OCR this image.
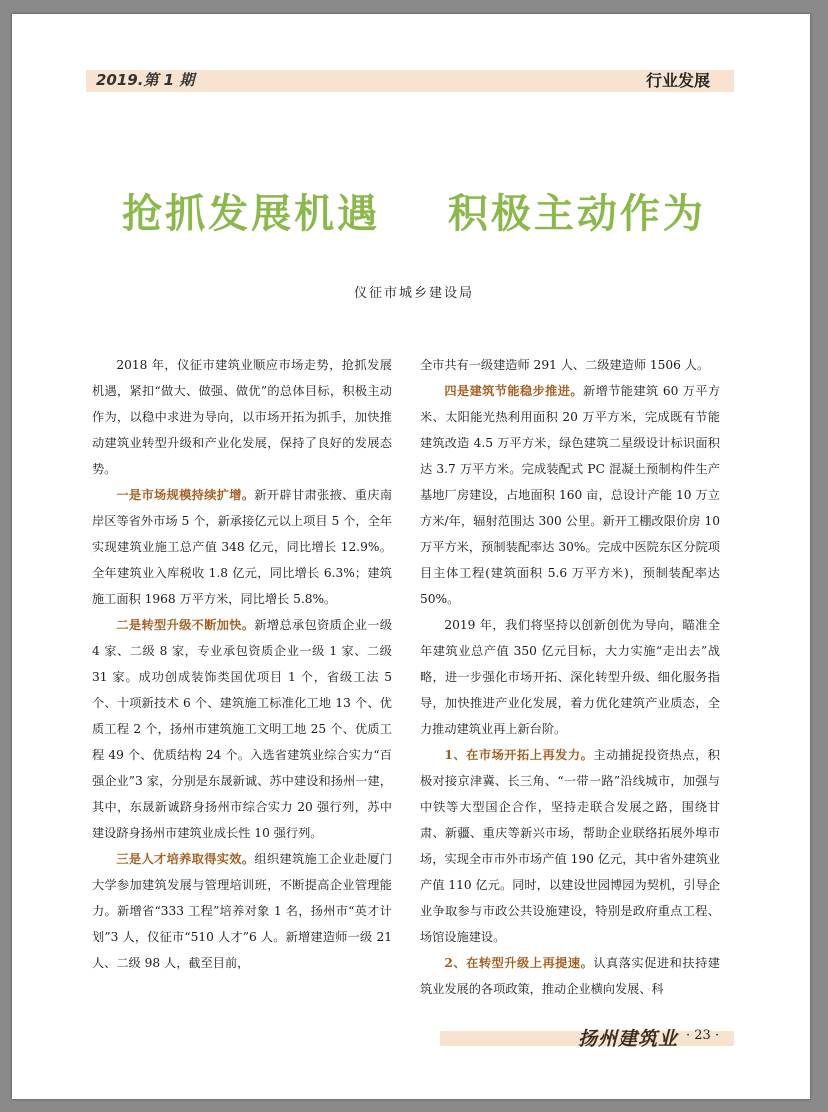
2019.第 1 期	行业发展
抢抓发展机遇    积极主动作为
仪征市城乡建设局

2018 年，仪征市建筑业顺应市场走势，抢抓发展机遇，紧扣“做大、做强、做优”的总体目标，积极主动作为，以稳中求进为导向，以市场开拓为抓手，加快推动建筑业转型升级和产业化发展，保持了良好的发展态势。

一是市场规模持续扩增。新开辟甘肃张掖、重庆南岸区等省外市场 5 个，新承接亿元以上项目 5 个，全年实现建筑业施工总产值 348 亿元，同比增长 12.9%。全年建筑业入库税收 1.8 亿元，同比增长 6.3%；建筑施工面积 1968 万平方米，同比增长 5.8%。

二是转型升级不断加快。新增总承包资质企业一级 4 家、二级 8 家，专业承包资质企业一级 1 家、二级 31 家。成功创成装饰类国优项目 1 个，省级工法 5 个、十项新技术 6 个、建筑施工标准化工地 13 个、优质工程 2 个，扬州市建筑施工文明工地 25 个、优质工程 49 个、优质结构 24 个。入选省建筑业综合实力“百强企业”3 家，分别是东晟新诚、苏中建设和扬州一建，其中，东晟新诚跻身扬州市综合实力 20 强行列，苏中建设跻身扬州市建筑业成长性 10 强行列。

三是人才培养取得实效。组织建筑施工企业赴厦门大学参加建筑发展与管理培训班，不断提高企业管理能力。新增省“333 工程”培养对象 1 名，扬州市“英才计划”3 人，仪征市“510 人才”6 人。新增建造师一级 21 人、二级 98 人，截至目前，

全市共有一级建造师 291 人、二级建造师 1506 人。

四是建筑节能稳步推进。新增节能建筑 60 万平方米、太阳能光热利用面积 20 万平方米，完成既有节能建筑改造 4.5 万平方米，绿色建筑二星级设计标识面积达 3.7 万平方米。完成装配式 PC 混凝土预制构件生产基地厂房建设，占地面积 160 亩，总设计产能 10 万立方米/年，辐射范围达 300 公里。新开工棚改限价房 10 万平方米，预制装配率达 30%。完成中医院东区分院项目主体工程(建筑面积 5.6 万平方米)，预制装配率达 50%。

2019 年，我们将坚持以创新创优为导向，瞄准全年建筑业总产值 350 亿元目标，大力实施“走出去”战略，进一步强化市场开拓、深化转型升级、细化服务指导，加快推进产业化发展，着力优化建筑产业质态，全力推动建筑业再上新台阶。

1、在市场开拓上再发力。主动捕捉投资热点，积极对接京津冀、长三角、“一带一路”沿线城市，加强与中铁等大型国企合作，坚持走联合发展之路，围绕甘肃、新疆、重庆等新兴市场，帮助企业联络拓展外埠市场，实现全市市外市场产值 190 亿元，其中省外建筑业产值 110 亿元。同时，以建设世园博园为契机，引导企业争取参与市政公共设施建设，特别是政府重点工程、场馆设施建设。

2、在转型升级上再提速。认真落实促进和扶持建筑业发展的各项政策，推动企业横向发展、科

扬州建筑业 · 23 ·
